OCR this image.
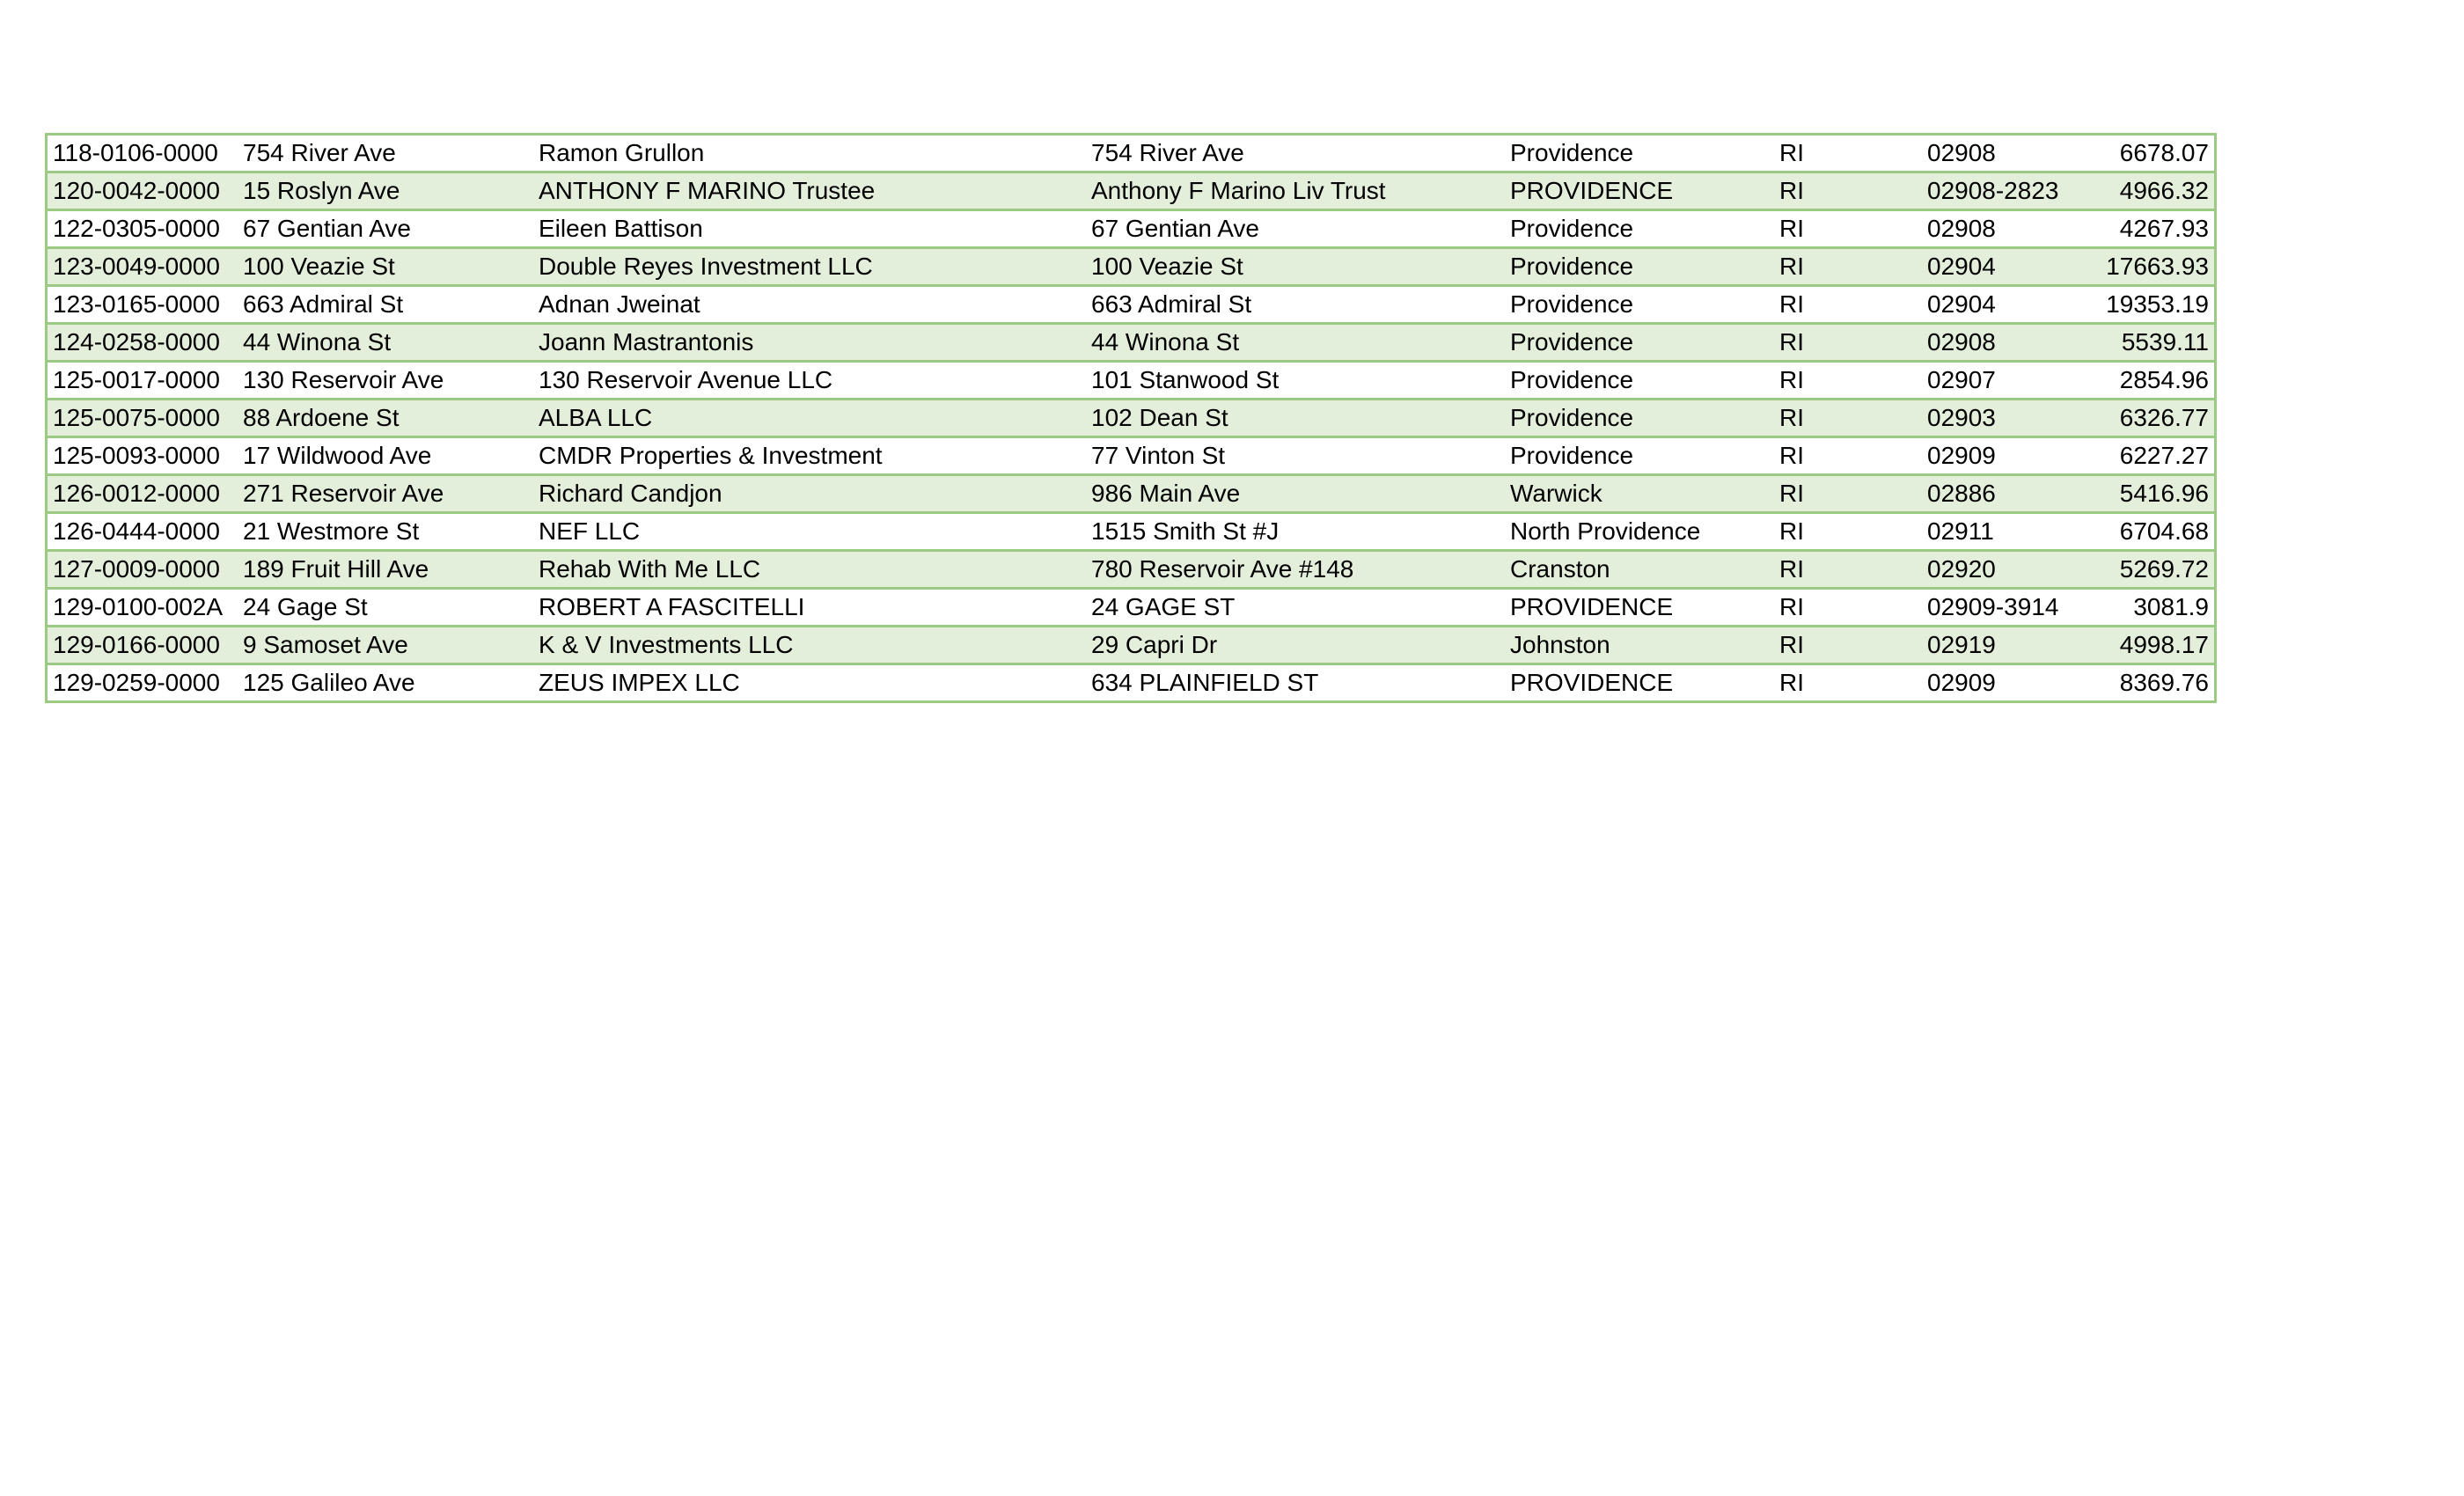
118-0106-0000	754 River Ave	Ramon Grullon	754 River Ave	Providence	RI	02908	6678.07
120-0042-0000	15 Roslyn Ave	ANTHONY F MARINO Trustee	Anthony F Marino Liv Trust	PROVIDENCE	RI	02908-2823	4966.32
122-0305-0000	67 Gentian Ave	Eileen Battison	67 Gentian Ave	Providence	RI	02908	4267.93
123-0049-0000	100 Veazie St	Double Reyes Investment LLC	100 Veazie St	Providence	RI	02904	17663.93
123-0165-0000	663 Admiral St	Adnan Jweinat	663 Admiral St	Providence	RI	02904	19353.19
124-0258-0000	44 Winona St	Joann Mastrantonis	44 Winona St	Providence	RI	02908	5539.11
125-0017-0000	130 Reservoir Ave	130 Reservoir Avenue LLC	101 Stanwood St	Providence	RI	02907	2854.96
125-0075-0000	88 Ardoene St	ALBA LLC	102 Dean St	Providence	RI	02903	6326.77
125-0093-0000	17 Wildwood Ave	CMDR Properties & Investment	77 Vinton St	Providence	RI	02909	6227.27
126-0012-0000	271 Reservoir Ave	Richard Candjon	986 Main Ave	Warwick	RI	02886	5416.96
126-0444-0000	21 Westmore St	NEF LLC	1515 Smith St #J	North Providence	RI	02911	6704.68
127-0009-0000	189 Fruit Hill Ave	Rehab With Me LLC	780 Reservoir Ave #148	Cranston	RI	02920	5269.72
129-0100-002A	24 Gage St	ROBERT A FASCITELLI	24 GAGE ST	PROVIDENCE	RI	02909-3914	3081.9
129-0166-0000	9 Samoset Ave	K & V Investments LLC	29 Capri Dr	Johnston	RI	02919	4998.17
129-0259-0000	125 Galileo Ave	ZEUS IMPEX LLC	634 PLAINFIELD ST	PROVIDENCE	RI	02909	8369.76
